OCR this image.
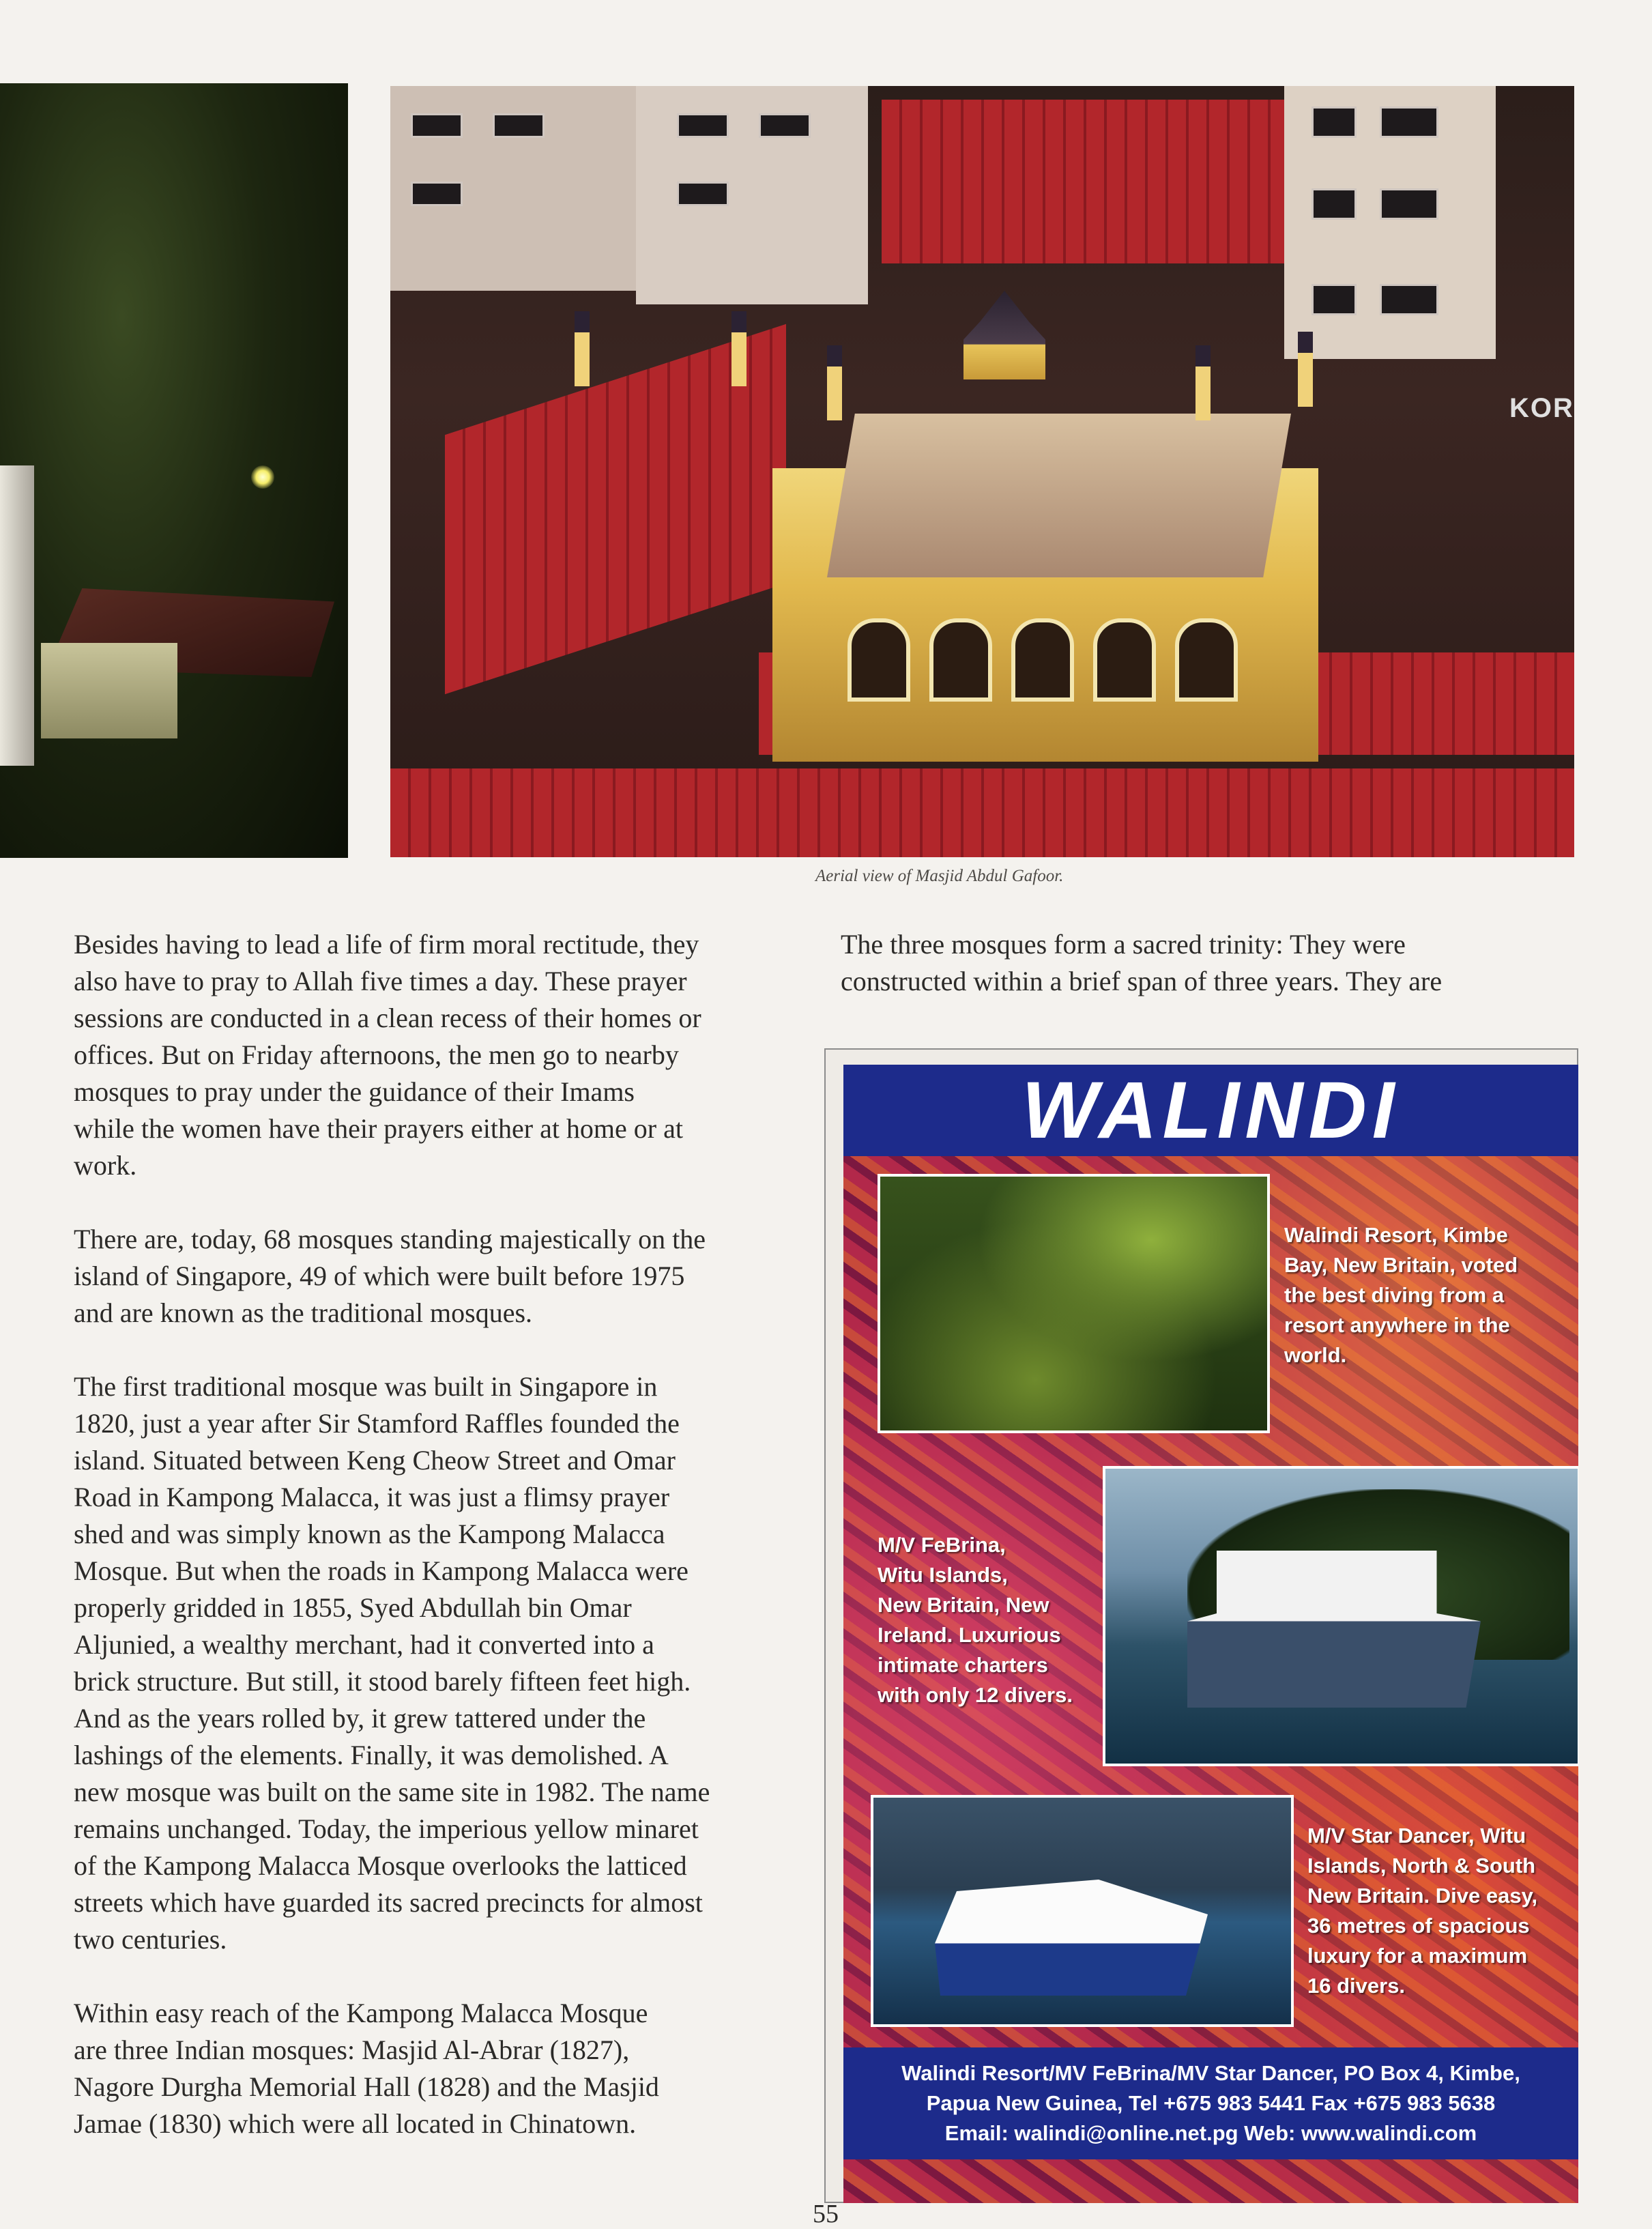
KOR
Aerial view of Masjid Abdul Gafoor.

Besides having to lead a life of firm moral rectitude, they

also have to pray to Allah five times a day. These prayer

sessions are conducted in a clean recess of their homes or

offices. But on Friday afternoons, the men go to nearby

mosques to pray under the guidance of their Imams

while the women have their prayers either at home or at

work.

There are, today, 68 mosques standing majestically on the

island of Singapore, 49 of which were built before 1975

and are known as the traditional mosques.

The first traditional mosque was built in Singapore in

1820, just a year after Sir Stamford Raffles founded the

island. Situated between Keng Cheow Street and Omar

Road in Kampong Malacca, it was just a flimsy prayer

shed and was simply known as the Kampong Malacca

Mosque. But when the roads in Kampong Malacca were

properly gridded in 1855, Syed Abdullah bin Omar

Aljunied, a wealthy merchant, had it converted into a

brick structure. But still, it stood barely fifteen feet high.

And as the years rolled by, it grew tattered under the

lashings of the elements. Finally, it was demolished. A

new mosque was built on the same site in 1982. The name

remains unchanged. Today, the imperious yellow minaret

of the Kampong Malacca Mosque overlooks the latticed

streets which have guarded its sacred precincts for almost

two centuries.

Within easy reach of the Kampong Malacca Mosque

are three Indian mosques: Masjid Al-Abrar (1827),

Nagore Durgha Memorial Hall (1828) and the Masjid

Jamae (1830) which were all located in Chinatown.

The three mosques form a sacred trinity: They were

constructed within a brief span of three years. They are

WALINDI

Walindi Resort, Kimbe

Bay, New Britain, voted

the best diving from a

resort anywhere in the

world.

M/V FeBrina,

Witu Islands,

New Britain, New

Ireland. Luxurious

intimate charters

with only 12 divers.

M/V Star Dancer, Witu

Islands, North & South

New Britain. Dive easy,

36 metres of spacious

luxury for a maximum

16 divers.

Walindi Resort/MV FeBrina/MV Star Dancer, PO Box 4, Kimbe,

Papua New Guinea, Tel +675 983 5441 Fax +675 983 5638

Email: walindi@online.net.pg Web: www.walindi.com

55
